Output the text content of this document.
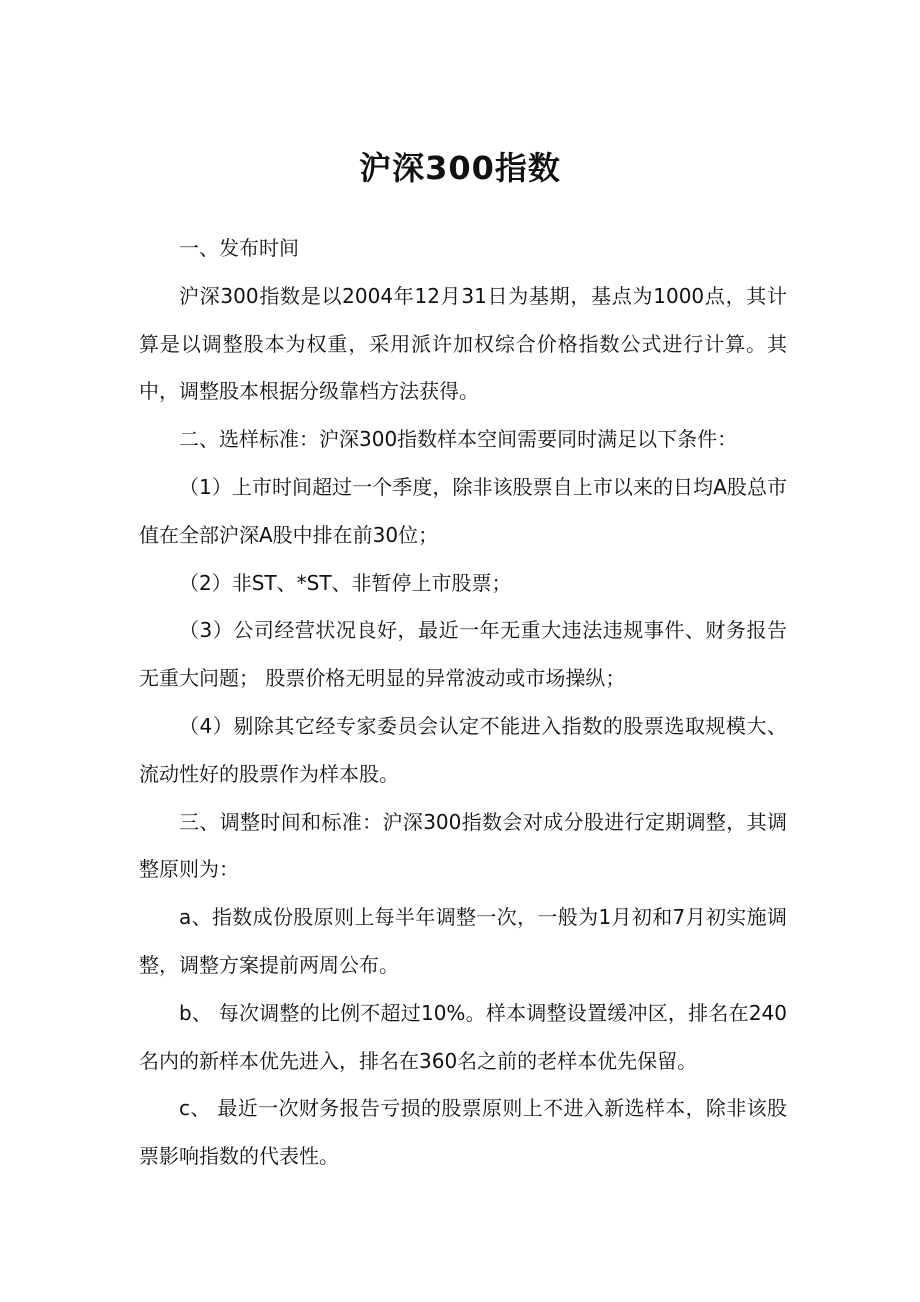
沪深300指数

一、发布时间

沪深300指数是以2004年12月31日为基期，基点为1000点，其计算是以调整股本为权重，采用派许加权综合价格指数公式进行计算。其中，调整股本根据分级靠档方法获得。

二、选样标准：沪深300指数样本空间需要同时满足以下条件：

（1）上市时间超过一个季度，除非该股票自上市以来的日均A股总市值在全部沪深A股中排在前30位；

（2）非ST、*ST、非暂停上市股票；

（3）公司经营状况良好，最近一年无重大违法违规事件、财务报告无重大问题； 股票价格无明显的异常波动或市场操纵；

（4）剔除其它经专家委员会认定不能进入指数的股票选取规模大、流动性好的股票作为样本股。

三、调整时间和标准：沪深300指数会对成分股进行定期调整，其调整原则为：

a、指数成份股原则上每半年调整一次，一般为1月初和7月初实施调整，调整方案提前两周公布。

b、 每次调整的比例不超过10%。样本调整设置缓冲区，排名在240名内的新样本优先进入，排名在360名之前的老样本优先保留。

c、 最近一次财务报告亏损的股票原则上不进入新选样本，除非该股票影响指数的代表性。
